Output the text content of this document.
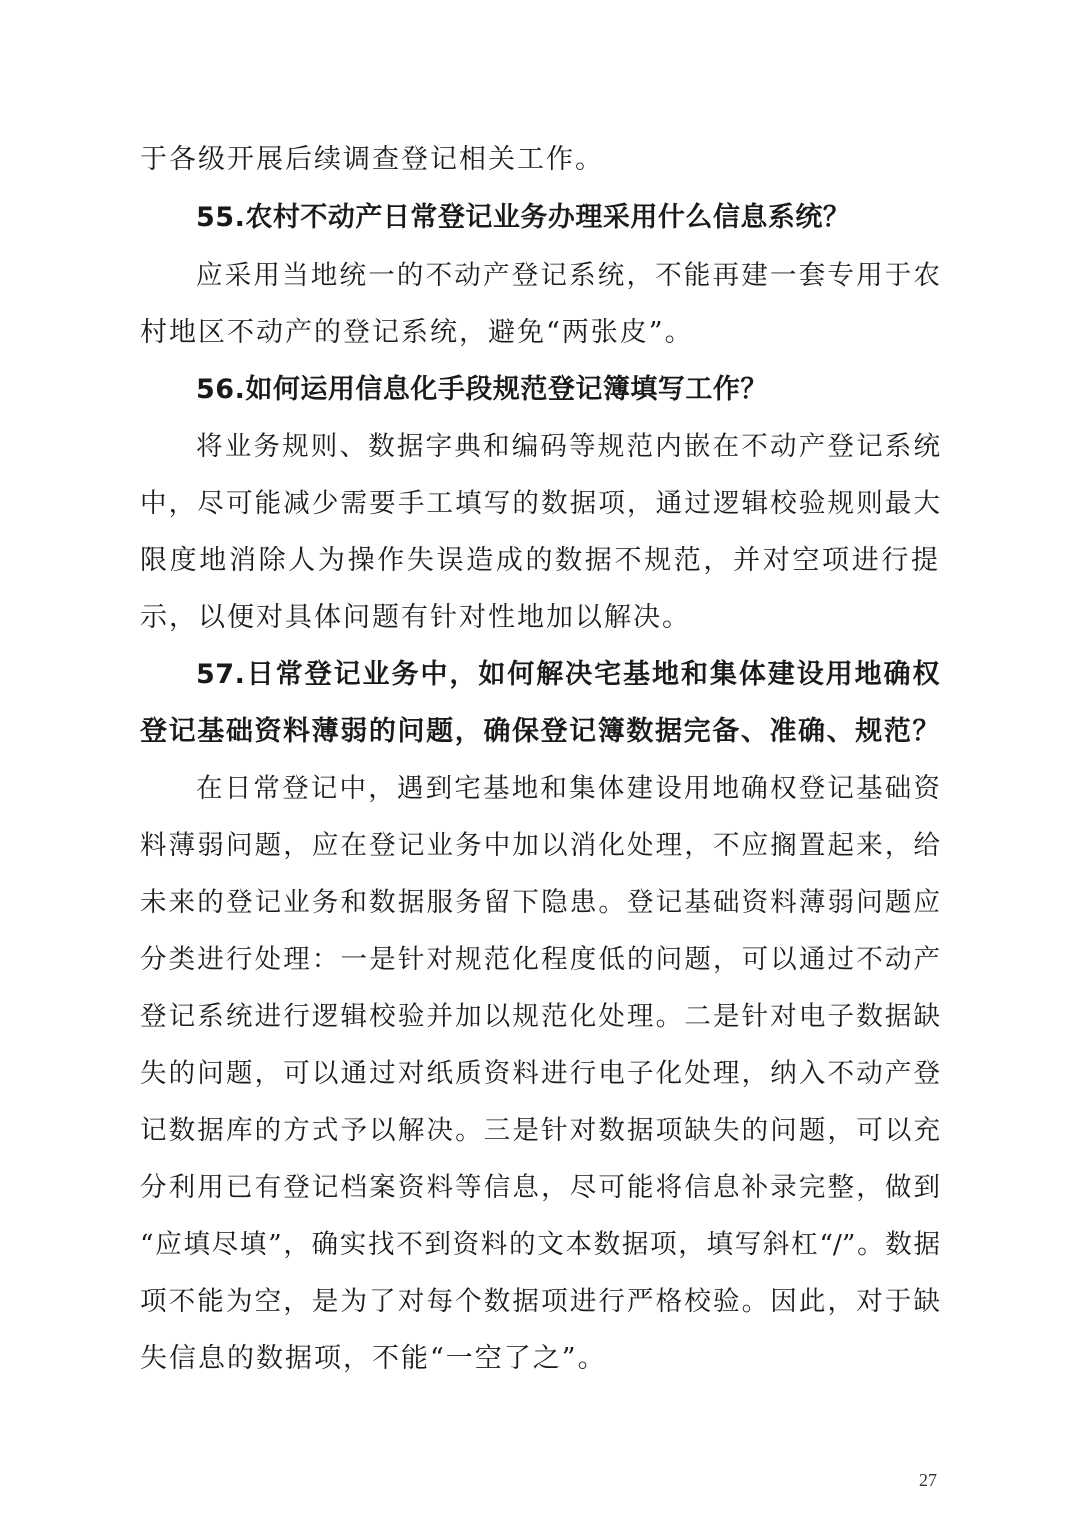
于各级开展后续调查登记相关工作。
55.农村不动产日常登记业务办理采用什么信息系统？
应采用当地统一的不动产登记系统，不能再建一套专用于农
村地区不动产的登记系统，避免“两张皮”。
56.如何运用信息化手段规范登记簿填写工作？
将业务规则、数据字典和编码等规范内嵌在不动产登记系统
中，尽可能减少需要手工填写的数据项，通过逻辑校验规则最大
限度地消除人为操作失误造成的数据不规范，并对空项进行提
示，以便对具体问题有针对性地加以解决。
57.日常登记业务中，如何解决宅基地和集体建设用地确权
登记基础资料薄弱的问题，确保登记簿数据完备、准确、规范？
在日常登记中，遇到宅基地和集体建设用地确权登记基础资
料薄弱问题，应在登记业务中加以消化处理，不应搁置起来，给
未来的登记业务和数据服务留下隐患。登记基础资料薄弱问题应
分类进行处理：一是针对规范化程度低的问题，可以通过不动产
登记系统进行逻辑校验并加以规范化处理。二是针对电子数据缺
失的问题，可以通过对纸质资料进行电子化处理，纳入不动产登
记数据库的方式予以解决。三是针对数据项缺失的问题，可以充
分利用已有登记档案资料等信息，尽可能将信息补录完整，做到
“应填尽填”，确实找不到资料的文本数据项，填写斜杠“/”。数据
项不能为空，是为了对每个数据项进行严格校验。因此，对于缺
失信息的数据项，不能“一空了之”。
27
